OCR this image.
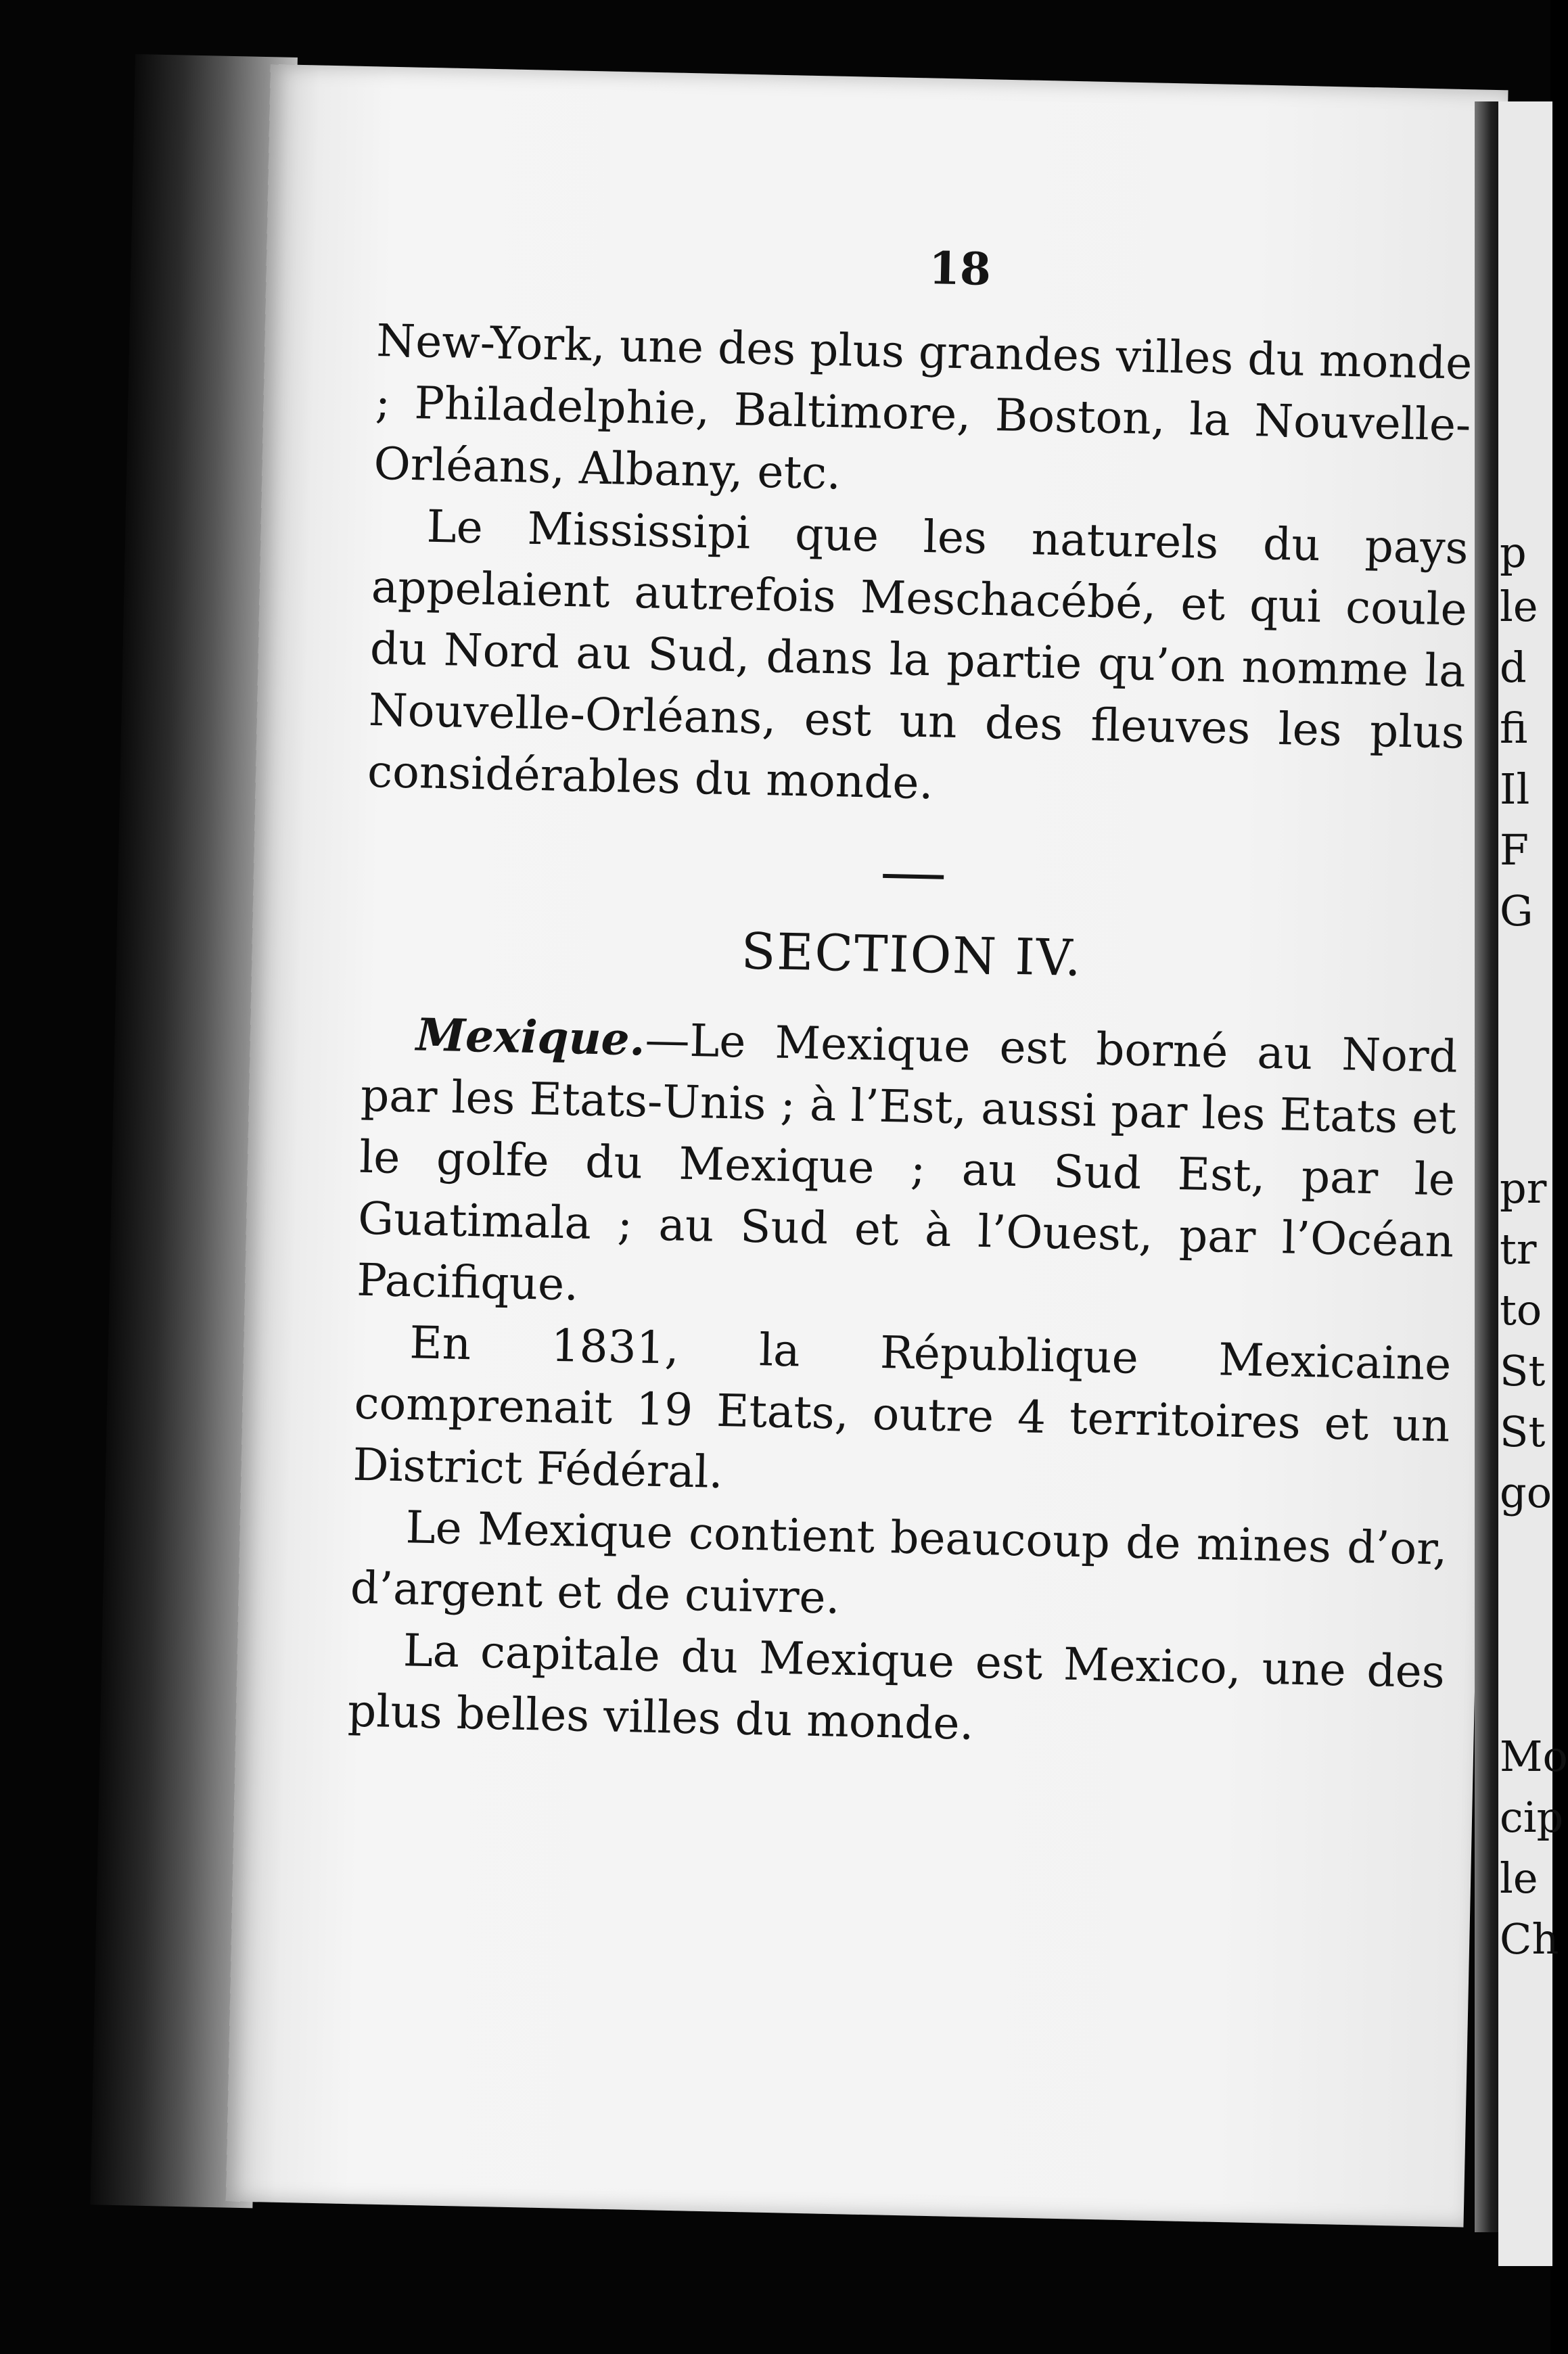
p
le
d
fi
Il
F
G
pr
tr
to
St
St
go
Mo
cip
le
Ch
18

New-York, une des plus grandes villes du monde ; Philadelphie, Baltimore, Boston, la Nouvelle-Orléans, Albany, etc.

Le Mississipi que les naturels du pays appelaient autrefois Meschacébé, et qui coule du Nord au Sud, dans la partie qu’on nomme la Nouvelle-Orléans, est un des fleuves les plus considérables du monde.

SECTION IV.

Mexique.—Le Mexique est borné au Nord par les Etats-Unis ; à l’Est, aussi par les Etats et le golfe du Mexique ; au Sud Est, par le Guatimala ; au Sud et à l’Ouest, par l’Océan Pacifique.

En 1831, la République Mexicaine comprenait 19 Etats, outre 4 territoires et un District Fédéral.

Le Mexique contient beaucoup de mines d’or, d’argent et de cuivre.

La capitale du Mexique est Mexico, une des plus belles villes du monde.
